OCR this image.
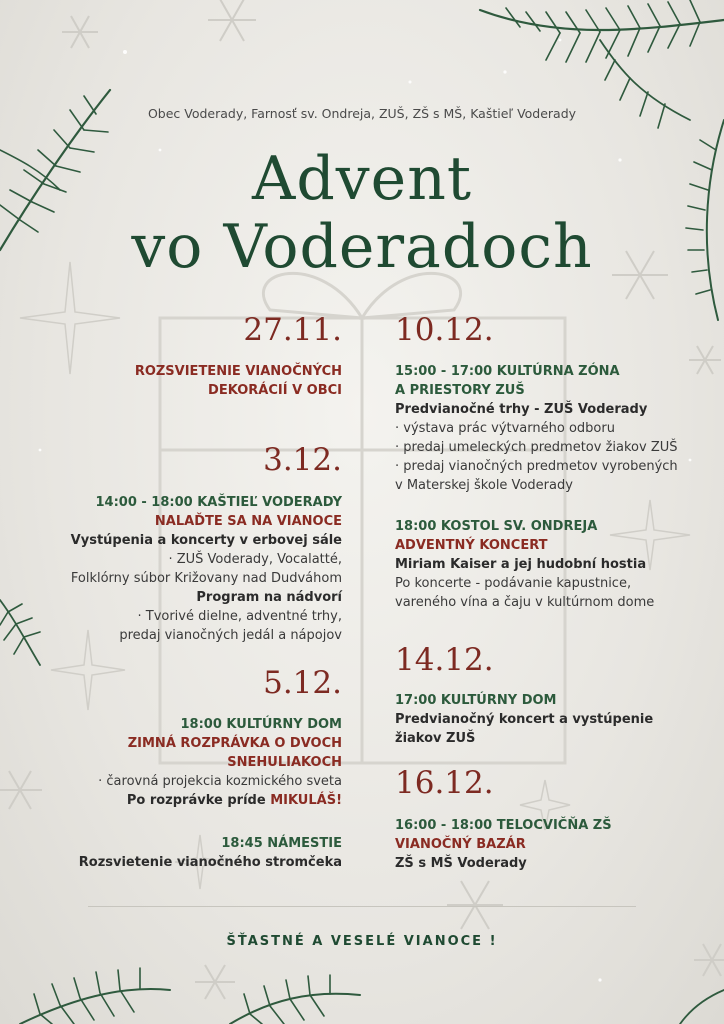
Obec Voderady, Farnosť sv. Ondreja, ZUŠ, ZŠ s MŠ, Kaštieľ Voderady
Advent
vo Voderadoch
27.11.
ROZSVIETENIE VIANOČNÝCH
DEKORÁCIÍ V OBCI
3.12.
14:00 - 18:00 KAŠTIEĽ VODERADY
NALAĎTE SA NA VIANOCE
Vystúpenia a koncerty v erbovej sále
· ZUŠ Voderady, Vocalatté,
Folklórny súbor Križovany nad Dudváhom
Program na nádvorí
· Tvorivé dielne, adventné trhy,
predaj vianočných jedál a nápojov
5.12.
18:00 KULTÚRNY DOM
ZIMNÁ ROZPRÁVKA O DVOCH
SNEHULIAKOCH
· čarovná projekcia kozmického sveta
Po rozprávke príde MIKULÁŠ!
18:45 NÁMESTIE
Rozsvietenie vianočného stromčeka
10.12.
15:00 - 17:00 KULTÚRNA ZÓNA
A PRIESTORY ZUŠ
Predvianočné trhy - ZUŠ Voderady
· výstava prác výtvarného odboru
· predaj umeleckých predmetov žiakov ZUŠ
· predaj vianočných predmetov vyrobených
v Materskej škole Voderady
18:00 KOSTOL SV. ONDREJA
ADVENTNÝ KONCERT
Miriam Kaiser a jej hudobní hostia
Po koncerte - podávanie kapustnice,
vareného vína a čaju v kultúrnom dome
14.12.
17:00 KULTÚRNY DOM
Predvianočný koncert a vystúpenie
žiakov ZUŠ
16.12.
16:00 - 18:00 TELOCVIČŇA ZŠ
VIANOČNÝ BAZÁR
ZŠ s MŠ Voderady
ŠŤASTNÉ A VESELÉ VIANOCE !
